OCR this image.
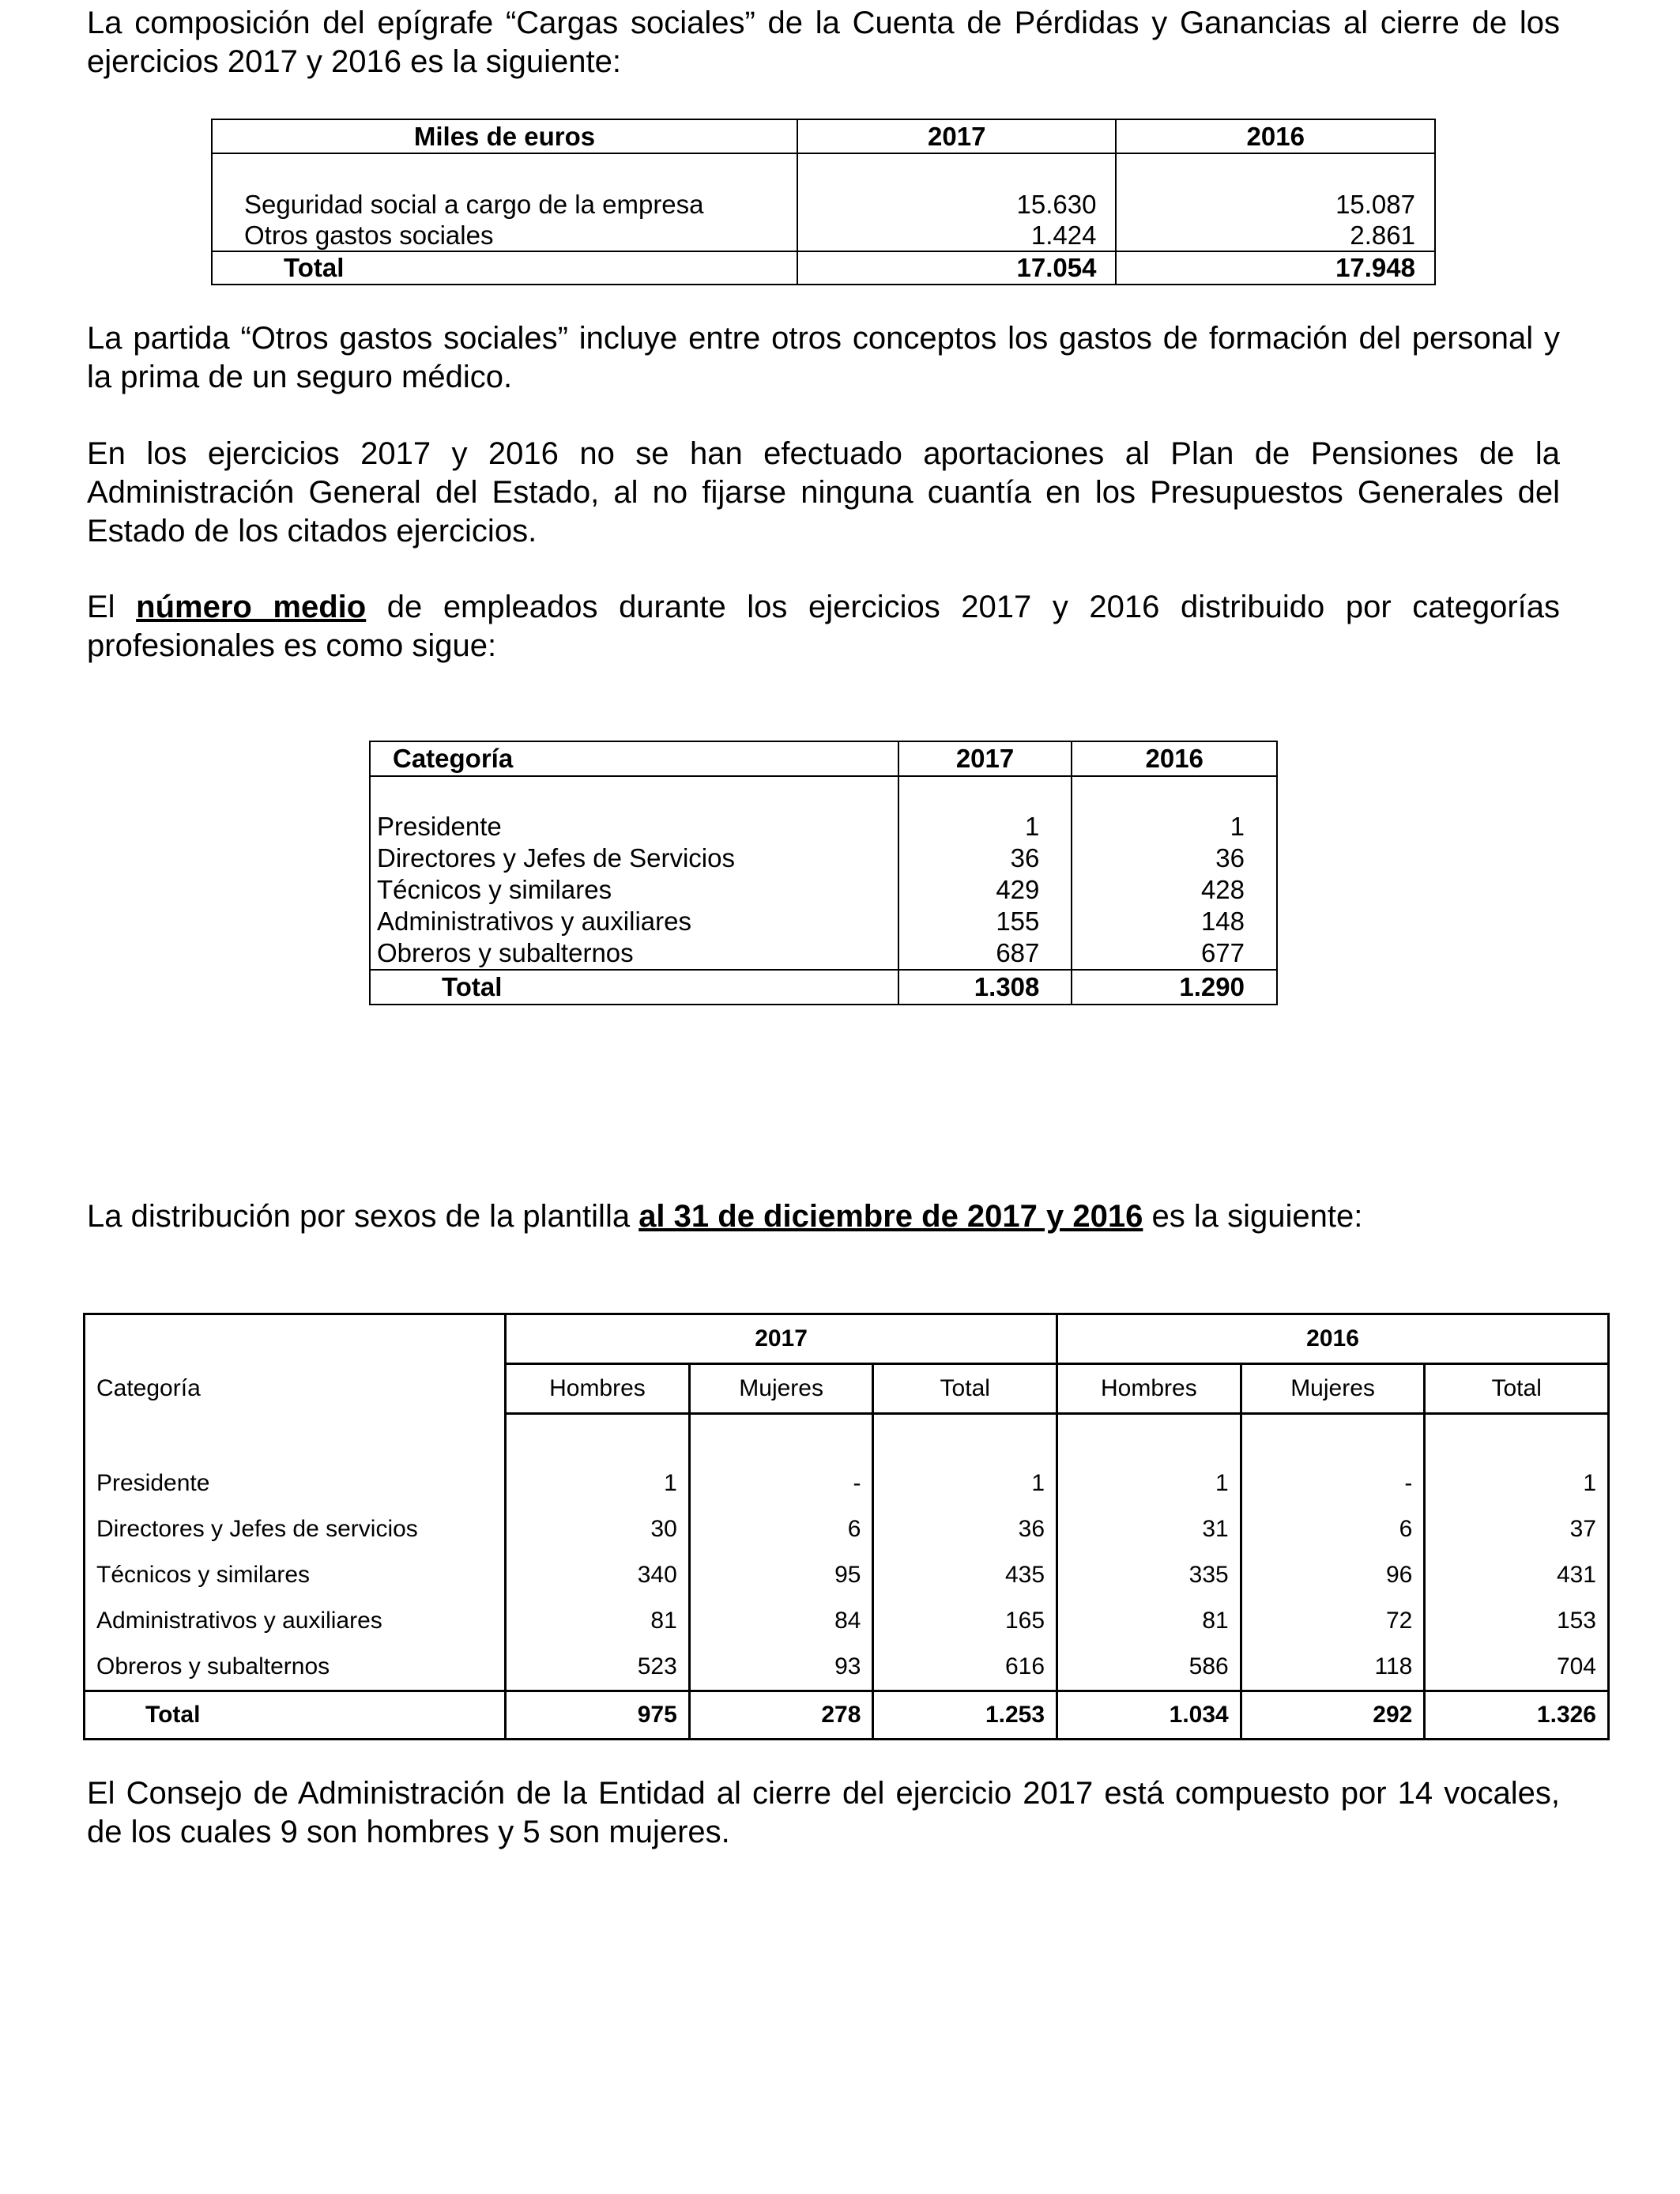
La composición del epígrafe “Cargas sociales” de la Cuenta de Pérdidas y Ganancias al cierre de los ejercicios 2017 y 2016 es la siguiente:

Miles de euros	2017	2016

Seguridad social a cargo de la empresa	15.630	15.087
Otros gastos sociales	1.424	2.861
Total	17.054	17.948

La partida “Otros gastos sociales” incluye entre otros conceptos los gastos de formación del personal y la prima de un seguro médico.

En los ejercicios 2017 y 2016 no se han efectuado aportaciones al Plan de Pensiones de la Administración General del Estado, al no fijarse ninguna cuantía en los Presupuestos Generales del Estado de los citados ejercicios.

El número medio de empleados durante los ejercicios 2017 y 2016 distribuido por categorías profesionales es como sigue:

Categoría	2017	2016

Presidente	1	1
Directores y Jefes de Servicios	36	36
Técnicos y similares	429	428
Administrativos y auxiliares	155	148
Obreros y subalternos	687	677
Total	1.308	1.290

La distribución por sexos de la plantilla al 31 de diciembre de 2017 y 2016 es la siguiente:

	2017			2016		
Categoría	Hombres	Mujeres	Total	Hombres	Mujeres	Total

Presidente	1	-	1	1	-	1
Directores y Jefes de servicios	30	6	36	31	6	37
Técnicos y similares	340	95	435	335	96	431
Administrativos y auxiliares	81	84	165	81	72	153
Obreros y subalternos	523	93	616	586	118	704
Total	975	278	1.253	1.034	292	1.326

El Consejo de Administración de la Entidad al cierre del ejercicio 2017 está compuesto por 14 vocales, de los cuales 9 son hombres y 5 son mujeres.
